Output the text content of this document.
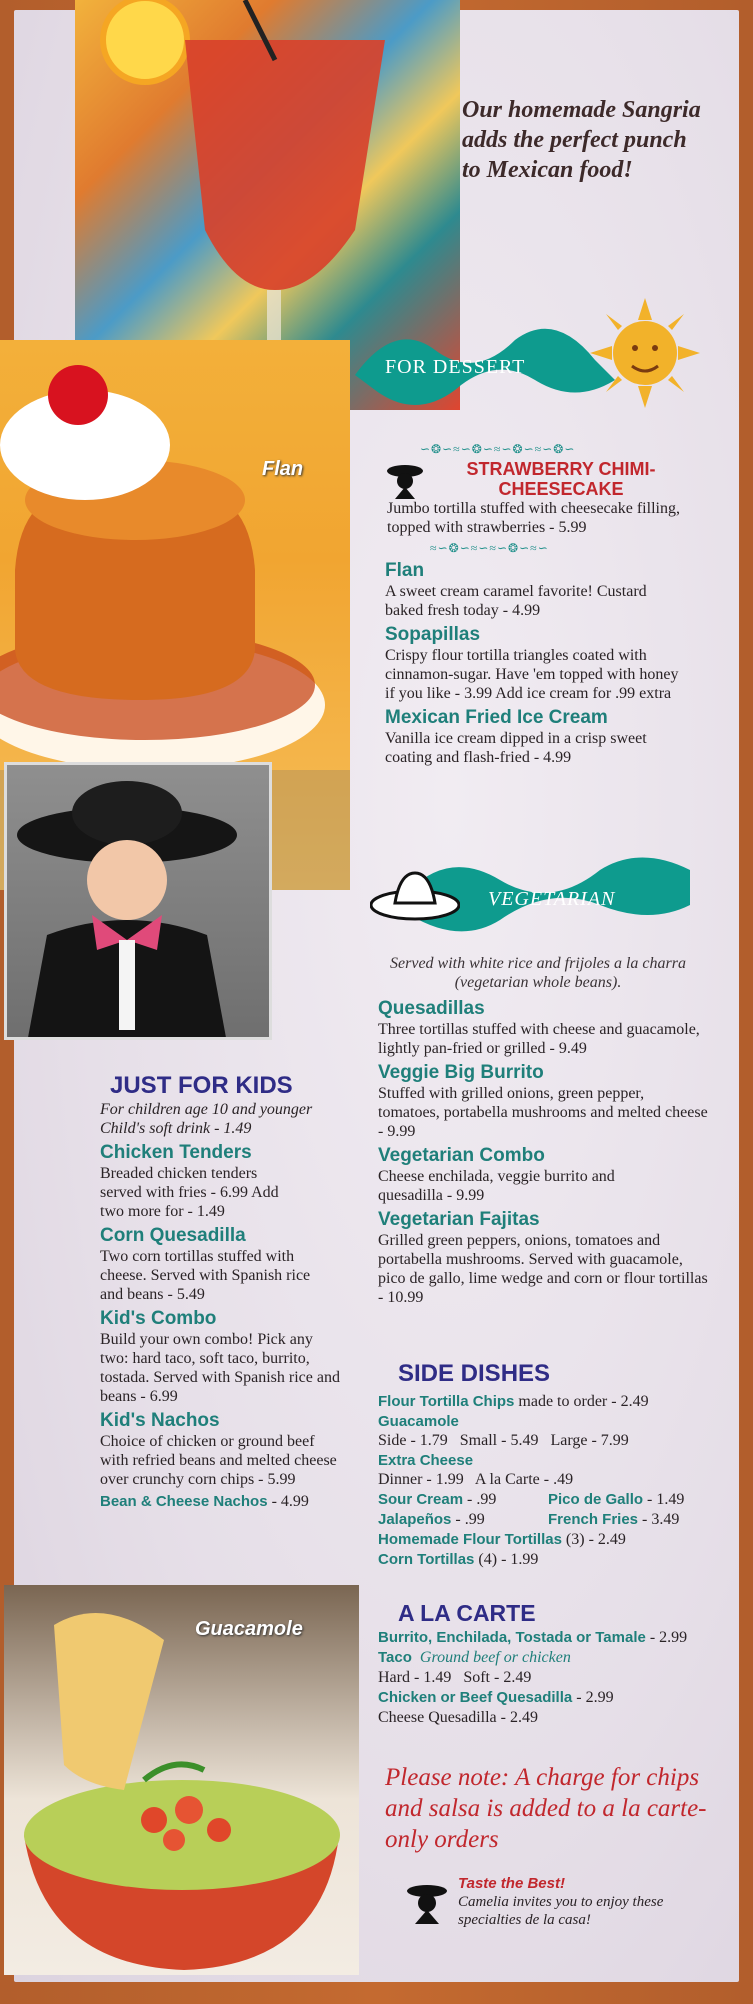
Our homemade Sangria adds the perfect punch to Mexican food!
Flan
FOR DESSERT
∽❂∽≈∽❂∽≈∽❂∽≈∽❂∽
STRAWBERRY CHIMI-CHEESECAKE
Jumbo tortilla stuffed with cheesecake filling, topped with strawberries - 5.99
≈∽❂∽≈∽≈∽❂∽≈∽
Flan
A sweet cream caramel favorite! Custard baked fresh today - 4.99
Sopapillas
Crispy flour tortilla triangles coated with cinnamon-sugar. Have 'em topped with honey if you like - 3.99 Add ice cream for .99 extra
Mexican Fried Ice Cream
Vanilla ice cream dipped in a crisp sweet coating and flash-fried - 4.99
VEGETARIAN
Served with white rice and frijoles a la charra (vegetarian whole beans).
Quesadillas
Three tortillas stuffed with cheese and guacamole, lightly pan-fried or grilled - 9.49
Veggie Big Burrito
Stuffed with grilled onions, green pepper, tomatoes, portabella mushrooms and melted cheese - 9.99
Vegetarian Combo
Cheese enchilada, veggie burrito and quesadilla - 9.99
Vegetarian Fajitas
Grilled green peppers, onions, tomatoes and portabella mushrooms. Served with guacamole, pico de gallo, lime wedge and corn or flour tortillas - 10.99
JUST FOR KIDS
For children age 10 and younger
Child's soft drink - 1.49
Chicken Tenders
Breaded chicken tenders served with fries - 6.99 Add two more for - 1.49
Corn Quesadilla
Two corn tortillas stuffed with cheese. Served with Spanish rice and beans - 5.49
Kid's Combo
Build your own combo! Pick any two: hard taco, soft taco, burrito, tostada. Served with Spanish rice and beans - 6.99
Kid's Nachos
Choice of chicken or ground beef with refried beans and melted cheese over crunchy corn chips - 5.99
Bean & Cheese Nachos - 4.99
SIDE DISHES
Flour Tortilla Chips made to order - 2.49
Guacamole
Side - 1.79   Small - 5.49   Large - 7.99
Extra Cheese
Dinner - 1.99   A la Carte - .49
Sour Cream - .99	Pico de Gallo - 1.49
Jalapeños - .99	French Fries - 3.49
Homemade Flour Tortillas (3) - 2.49
Corn Tortillas (4) - 1.99
A LA CARTE
Burrito, Enchilada, Tostada or Tamale - 2.99
Taco Ground beef or chicken
Hard - 1.49   Soft - 2.49
Chicken or Beef Quesadilla - 2.99
Cheese Quesadilla - 2.49
Please note: A charge for chips and salsa is added to a la carte-only orders
Taste the Best!
Camelia invites you to enjoy these specialties de la casa!
Guacamole
